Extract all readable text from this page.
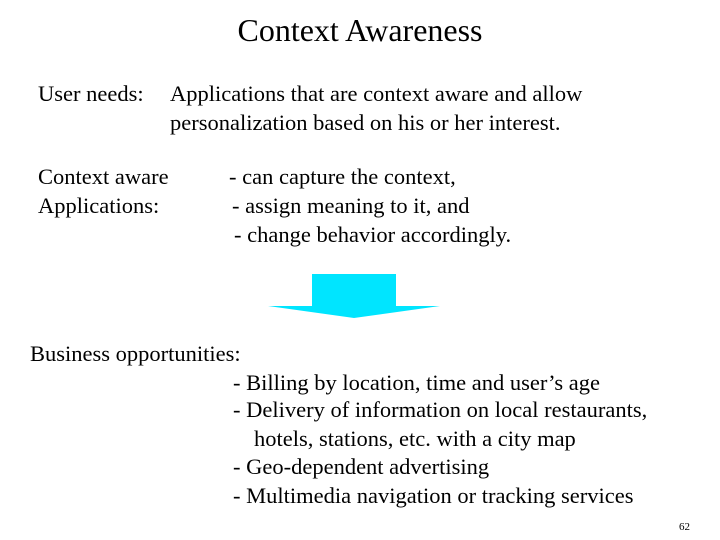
Context Awareness
User needs: Applications that are context aware and allow
personalization based on his or her interest.
Context aware
Applications:
- can capture the context,
- assign meaning to it, and
- change behavior accordingly.
Business opportunities:
- Billing by location, time and user’s age
- Delivery of information on local restaurants,
hotels, stations, etc. with a city map
- Geo-dependent advertising
- Multimedia navigation or tracking services
62
